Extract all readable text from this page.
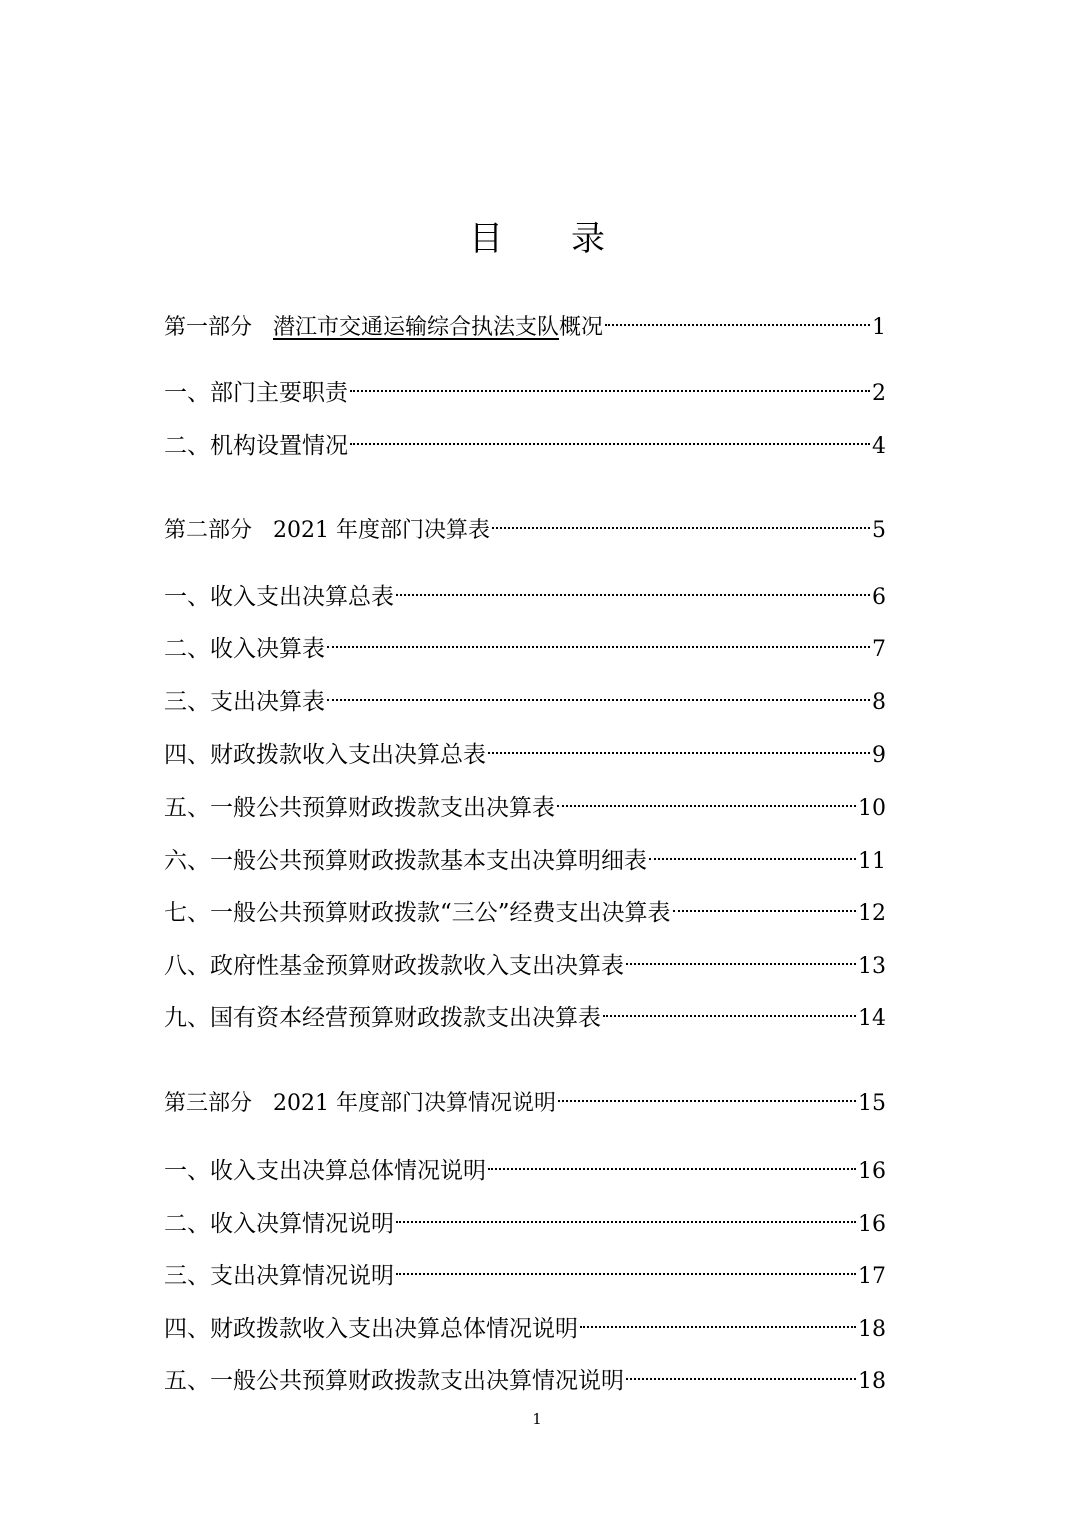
目录
第一部分 潜江市交通运输综合执法支队概况	1
一、部门主要职责	2
二、机构设置情况	4
第二部分 2021 年度部门决算表	5
一、收入支出决算总表	6
二、收入决算表	7
三、支出决算表	8
四、财政拨款收入支出决算总表	9
五、一般公共预算财政拨款支出决算表	10
六、一般公共预算财政拨款基本支出决算明细表	11
七、一般公共预算财政拨款“三公”经费支出决算表	12
八、政府性基金预算财政拨款收入支出决算表	13
九、国有资本经营预算财政拨款支出决算表	14
第三部分 2021 年度部门决算情况说明	15
一、收入支出决算总体情况说明	16
二、收入决算情况说明	16
三、支出决算情况说明	17
四、财政拨款收入支出决算总体情况说明	18
五、一般公共预算财政拨款支出决算情况说明	18
1
